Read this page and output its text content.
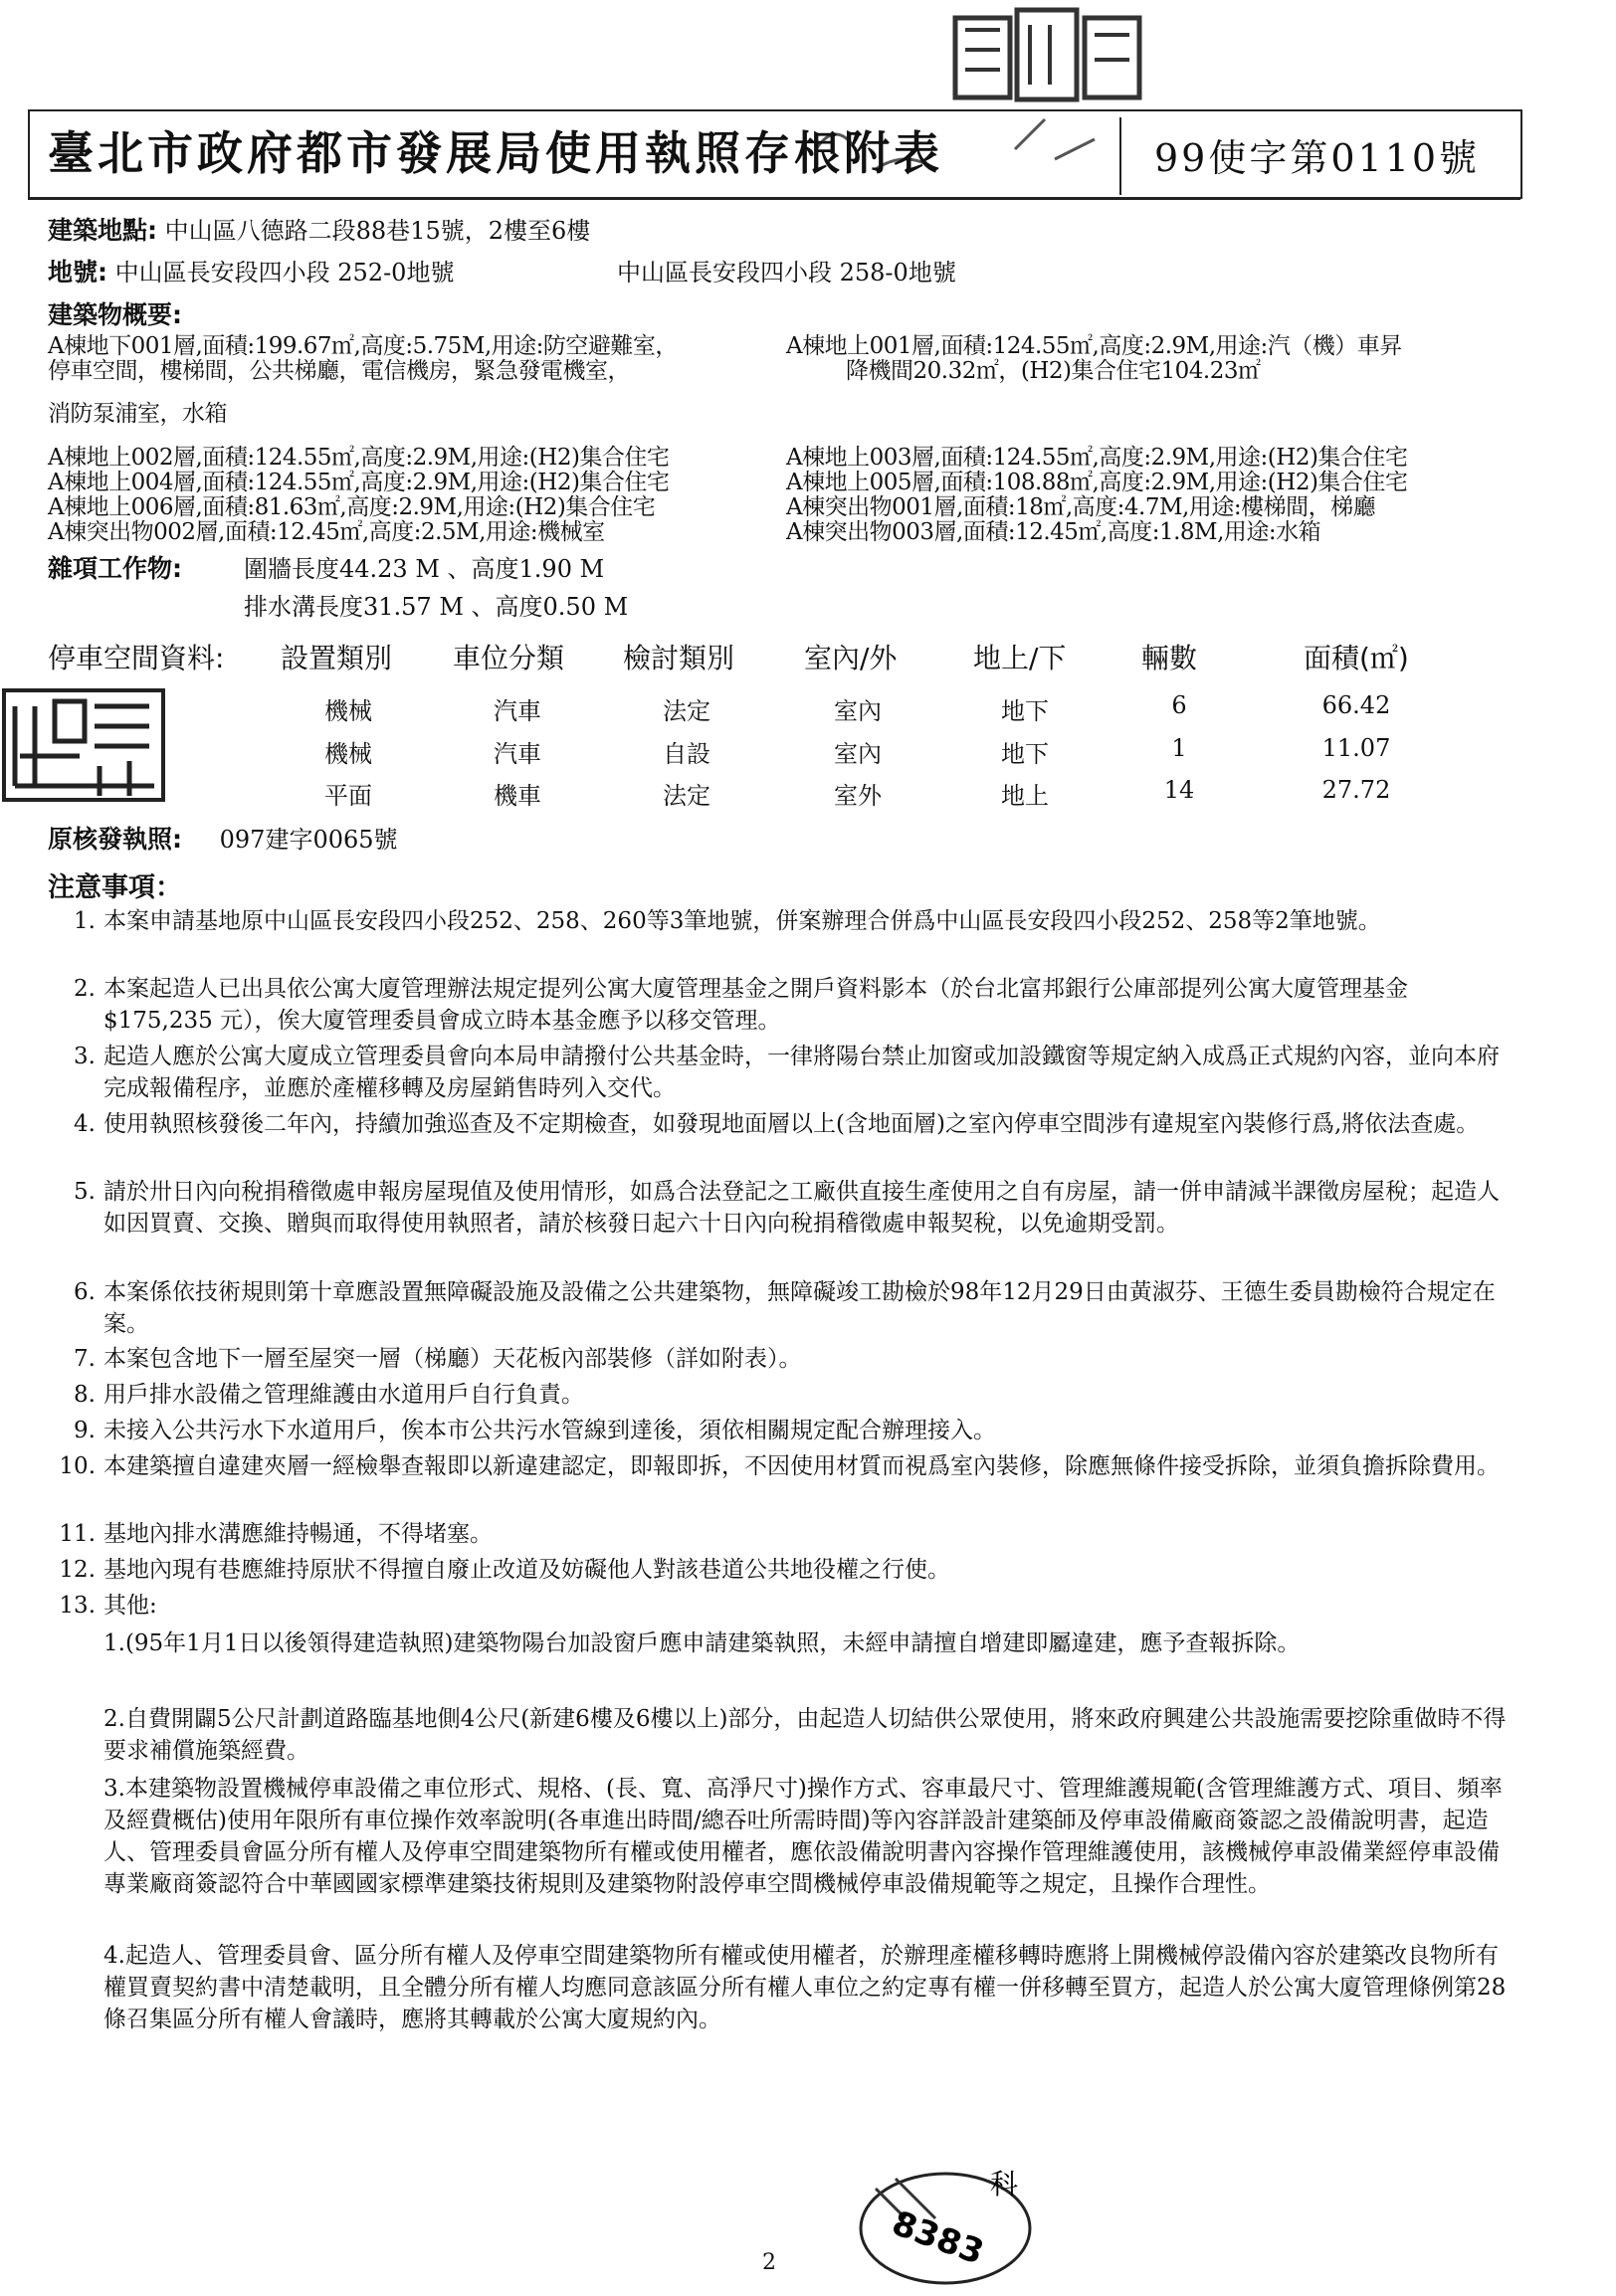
8383
科
臺北市政府都市發展局使用執照存根附表	99使字第0110號
建築地點: 中山區八德路二段88巷15號，2樓至6樓
地號: 中山區長安段四小段 252-0地號	中山區長安段四小段 258-0地號
建築物概要:
A棟地下001層,面積:199.67㎡,高度:5.75M,用途:防空避難室，
停車空間，樓梯間，公共梯廳，電信機房，緊急發電機室，
消防泵浦室，水箱
A棟地上002層,面積:124.55㎡,高度:2.9M,用途:(H2)集合住宅
A棟地上004層,面積:124.55㎡,高度:2.9M,用途:(H2)集合住宅
A棟地上006層,面積:81.63㎡,高度:2.9M,用途:(H2)集合住宅
A棟突出物002層,面積:12.45㎡,高度:2.5M,用途:機械室
A棟地上001層,面積:124.55㎡,高度:2.9M,用途:汽（機）車昇
降機間20.32㎡，(H2)集合住宅104.23㎡
A棟地上003層,面積:124.55㎡,高度:2.9M,用途:(H2)集合住宅
A棟地上005層,面積:108.88㎡,高度:2.9M,用途:(H2)集合住宅
A棟突出物001層,面積:18㎡,高度:4.7M,用途:樓梯間，梯廳
A棟突出物003層,面積:12.45㎡,高度:1.8M,用途:水箱
雜項工作物:	圍牆長度44.23 M 、高度1.90 M
排水溝長度31.57 M 、高度0.50 M
停車空間資料: 設置類別 車位分類 檢討類別 室內/外	地上/下	輛數	面積(㎡)
機械	汽車	法定	室內	地下	6	66.42
機械	汽車	自設	室內	地下	1	11.07
平面	機車	法定	室外	地上	14	27.72
原核發執照: 097建字0065號
注意事項：
1. 本案申請基地原中山區長安段四小段252、258、260等3筆地號，併案辦理合併爲中山區長安段四小段252、258等2筆地號。
2. 本案起造人已出具依公寓大廈管理辦法規定提列公寓大廈管理基金之開戶資料影本（於台北富邦銀行公庫部提列公寓大廈管理基金$175,235 元），俟大廈管理委員會成立時本基金應予以移交管理。
3. 起造人應於公寓大廈成立管理委員會向本局申請撥付公共基金時，一律將陽台禁止加窗或加設鐵窗等規定納入成爲正式規約內容，並向本府完成報備程序，並應於產權移轉及房屋銷售時列入交代。
4. 使用執照核發後二年內，持續加強巡查及不定期檢查，如發現地面層以上(含地面層)之室內停車空間涉有違規室內裝修行爲,將依法查處。
5. 請於卅日內向稅捐稽徵處申報房屋現值及使用情形，如爲合法登記之工廠供直接生產使用之自有房屋，請一併申請減半課徵房屋稅；起造人如因買賣、交換、贈與而取得使用執照者，請於核發日起六十日內向稅捐稽徵處申報契稅，以免逾期受罰。
6. 本案係依技術規則第十章應設置無障礙設施及設備之公共建築物，無障礙竣工勘檢於98年12月29日由黃淑芬、王德生委員勘檢符合規定在案。
7. 本案包含地下一層至屋突一層（梯廳）天花板內部裝修（詳如附表）。
8. 用戶排水設備之管理維護由水道用戶自行負責。
9. 未接入公共污水下水道用戶，俟本市公共污水管線到達後，須依相關規定配合辦理接入。
10. 本建築擅自違建夾層一經檢舉查報即以新違建認定，即報即拆，不因使用材質而視爲室內裝修，除應無條件接受拆除，並須負擔拆除費用。
11. 基地內排水溝應維持暢通，不得堵塞。
12. 基地內現有巷應維持原狀不得擅自廢止改道及妨礙他人對該巷道公共地役權之行使。
13. 其他:
1.(95年1月1日以後領得建造執照)建築物陽台加設窗戶應申請建築執照，未經申請擅自增建即屬違建，應予查報拆除。
2.自費開闢5公尺計劃道路臨基地側4公尺(新建6樓及6樓以上)部分，由起造人切結供公眾使用，將來政府興建公共設施需要挖除重做時不得要求補償施築經費。
3.本建築物設置機械停車設備之車位形式、規格、(長、寬、高淨尺寸)操作方式、容車最尺寸、管理維護規範(含管理維護方式、項目、頻率及經費概估)使用年限所有車位操作效率說明(各車進出時間/總吞吐所需時間)等內容詳設計建築師及停車設備廠商簽認之設備說明書，起造人、管理委員會區分所有權人及停車空間建築物所有權或使用權者，應依設備說明書內容操作管理維護使用，該機械停車設備業經停車設備專業廠商簽認符合中華國國家標準建築技術規則及建築物附設停車空間機械停車設備規範等之規定，且操作合理性。
4.起造人、管理委員會、區分所有權人及停車空間建築物所有權或使用權者，於辦理產權移轉時應將上開機械停設備內容於建築改良物所有權買賣契約書中清楚載明，且全體分所有權人均應同意該區分所有權人車位之約定專有權一併移轉至買方，起造人於公寓大廈管理條例第28條召集區分所有權人會議時，應將其轉載於公寓大廈規約內。
2
